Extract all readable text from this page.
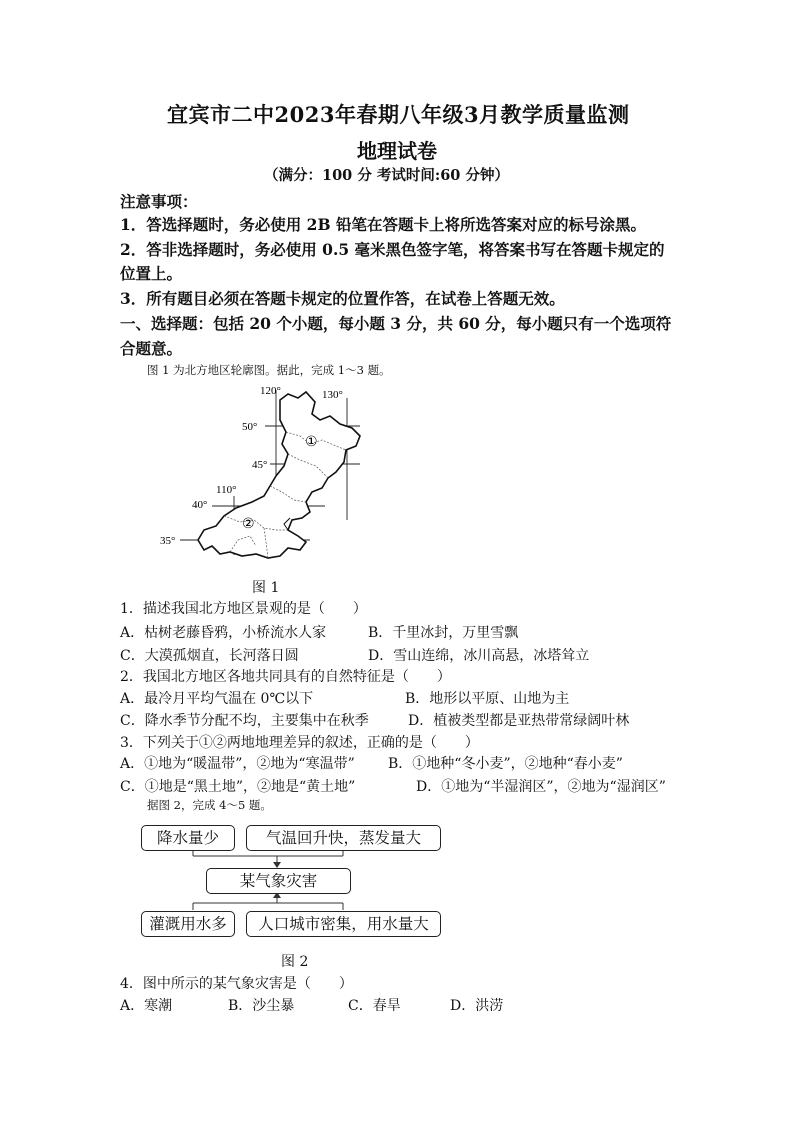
宜宾市二中2023年春期八年级3月教学质量监测
地理试卷
（满分：100 分 考试时间:60 分钟）
注意事项：
1．答选择题时，务必使用 2B 铅笔在答题卡上将所选答案对应的标号涂黑。
2．答非选择题时，务必使用 0.5 毫米黑色签字笔，将答案书写在答题卡规定的
位置上。
3．所有题目必须在答题卡规定的位置作答，在试卷上答题无效。
一、选择题：包括 20 个小题，每小题 3 分，共 60 分，每小题只有一个选项符
合题意。
图 1 为北方地区轮廓图。据此，完成 1～3 题。
120°	130°
50°
45°
110°
40°
35°
①
②
图 1
1．描述我国北方地区景观的是（　　）
A．枯树老藤昏鸦，小桥流水人家	B．千里冰封，万里雪飘
C．大漠孤烟直，长河落日圆	D．雪山连绵，冰川高悬，冰塔耸立
2．我国北方地区各地共同具有的自然特征是（　　）
A．最冷月平均气温在 0℃以下	B．地形以平原、山地为主
C．降水季节分配不均，主要集中在秋季	D．植被类型都是亚热带常绿阔叶林
3．下列关于①②两地地理差异的叙述，正确的是（　　）
A．①地为“暖温带”，②地为“寒温带” B．①地种“冬小麦”，②地种“春小麦”
C．①地是“黑土地”，②地是“黄土地”	D．①地为“半湿润区”，②地为“湿润区”
据图 2，完成 4～5 题。
降水量少	气温回升快，蒸发量大
某气象灾害
灌溉用水多	人口城市密集，用水量大
图 2
4．图中所示的某气象灾害是（　　）
A．寒潮	B．沙尘暴	C．春旱	D．洪涝
